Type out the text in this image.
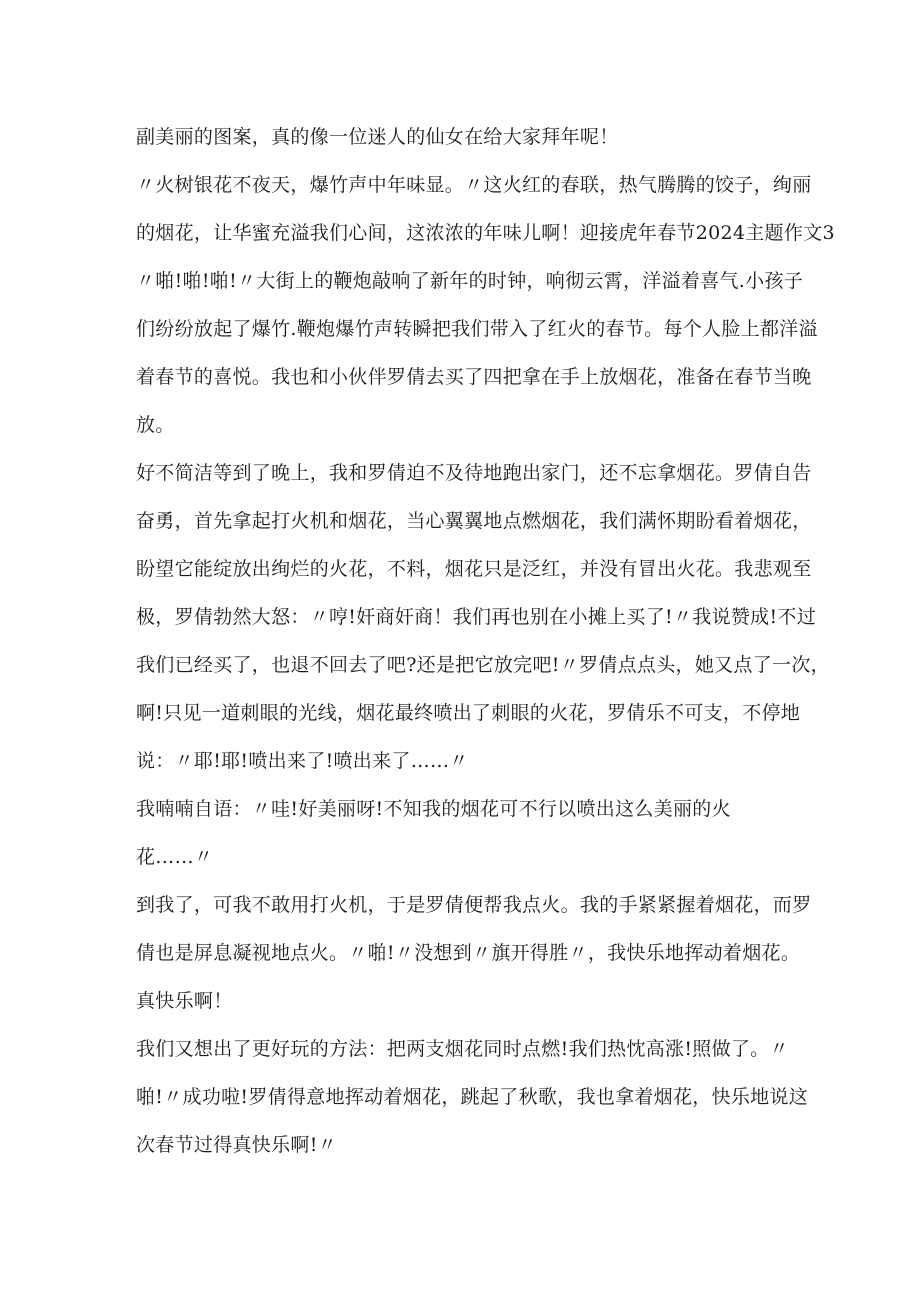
副美丽的图案，真的像一位迷人的仙女在给大家拜年呢！

〃火树银花不夜天，爆竹声中年味显。〃这火红的春联，热气腾腾的饺子，绚丽

的烟花，让华蜜充溢我们心间，这浓浓的年味儿啊！迎接虎年春节2024主题作文3

〃啪!啪!啪!〃大街上的鞭炮敲响了新年的时钟，响彻云霄，洋溢着喜气.小孩子

们纷纷放起了爆竹.鞭炮爆竹声转瞬把我们带入了红火的春节。每个人脸上都洋溢

着春节的喜悦。我也和小伙伴罗倩去买了四把拿在手上放烟花，准备在春节当晚

放。

好不简洁等到了晚上，我和罗倩迫不及待地跑出家门，还不忘拿烟花。罗倩自告

奋勇，首先拿起打火机和烟花，当心翼翼地点燃烟花，我们满怀期盼看着烟花，

盼望它能绽放出绚烂的火花，不料，烟花只是泛红，并没有冒出火花。我悲观至

极，罗倩勃然大怒：〃哼!奸商奸商！我们再也别在小摊上买了!〃我说赞成!不过

我们已经买了，也退不回去了吧?还是把它放完吧!〃罗倩点点头，她又点了一次，

啊!只见一道刺眼的光线，烟花最终喷出了刺眼的火花，罗倩乐不可支，不停地

说：〃耶!耶!喷出来了!喷出来了……〃

我喃喃自语：〃哇!好美丽呀!不知我的烟花可不行以喷出这么美丽的火

花……〃

到我了，可我不敢用打火机，于是罗倩便帮我点火。我的手紧紧握着烟花，而罗

倩也是屏息凝视地点火。〃啪!〃没想到〃旗开得胜〃，我快乐地挥动着烟花。

真快乐啊！

我们又想出了更好玩的方法：把两支烟花同时点燃!我们热忱高涨!照做了。〃

啪!〃成功啦!罗倩得意地挥动着烟花，跳起了秋歌，我也拿着烟花，快乐地说这

次春节过得真快乐啊!〃
